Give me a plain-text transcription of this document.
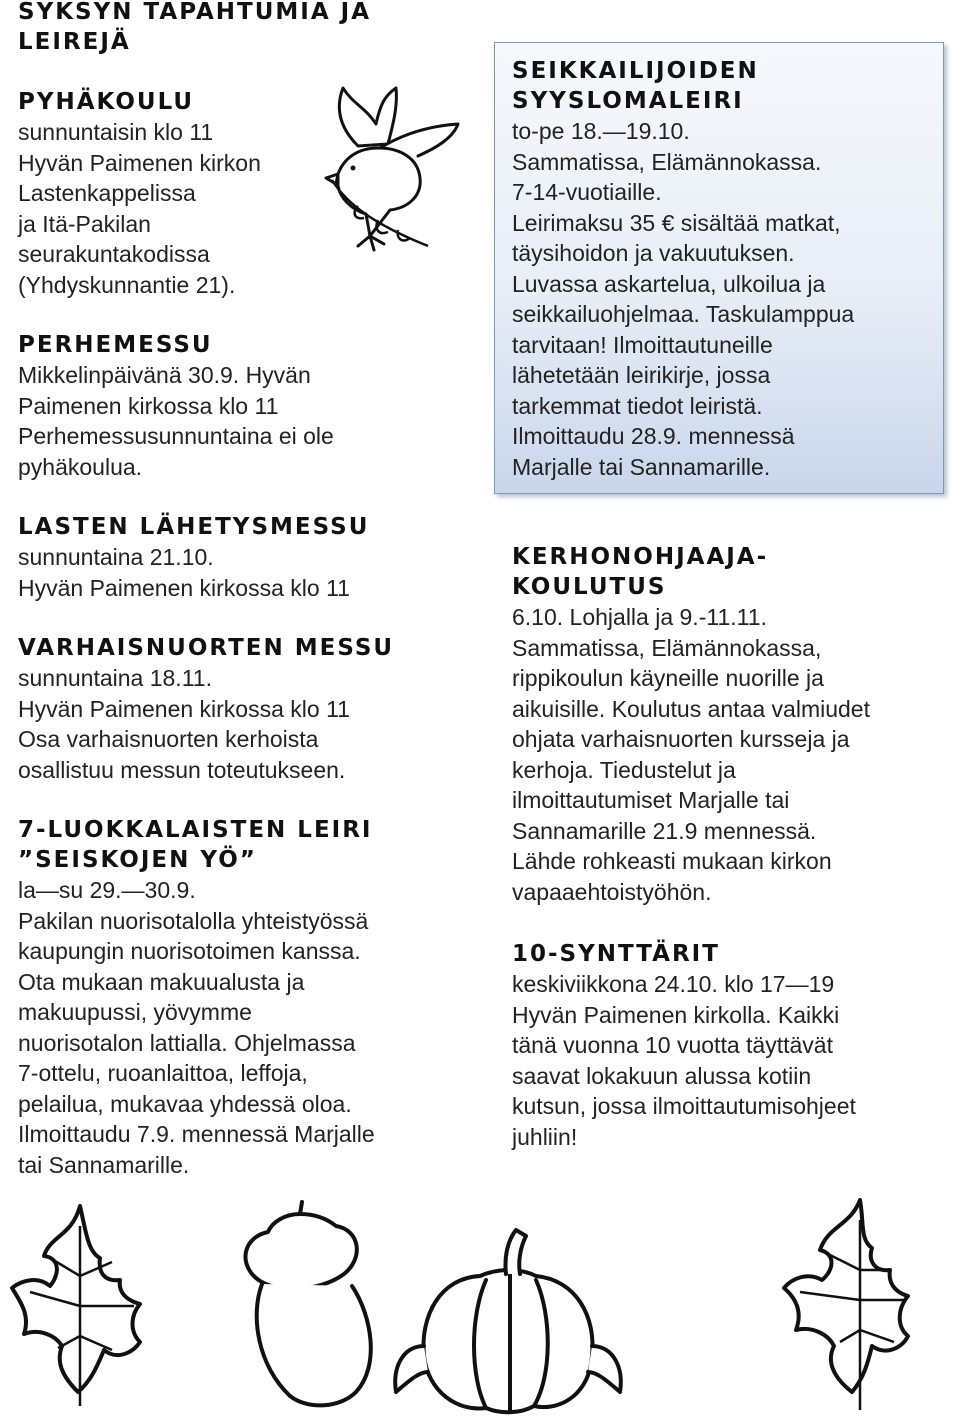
SYKSYN TAPAHTUMIA JA
LEIREJÄ
PYHÄKOULU
sunnuntaisin klo 11
Hyvän Paimenen kirkon
Lastenkappelissa
ja Itä-Pakilan
seurakuntakodissa
(Yhdyskunnantie 21).
PERHEMESSU
Mikkelinpäivänä 30.9. Hyvän
Paimenen kirkossa klo 11
Perhemessusunnuntaina ei ole
pyhäkoulua.
LASTEN LÄHETYSMESSU
sunnuntaina 21.10.
Hyvän Paimenen kirkossa klo 11
VARHAISNUORTEN MESSU
sunnuntaina 18.11.
Hyvän Paimenen kirkossa klo 11
Osa varhaisnuorten kerhoista
osallistuu messun toteutukseen.
7-LUOKKALAISTEN LEIRI
”SEISKOJEN YÖ”
la—su 29.—30.9.
Pakilan nuorisotalolla yhteistyössä
kaupungin nuorisotoimen kanssa.
Ota mukaan makuualusta ja
makuupussi, yövymme
nuorisotalon lattialla. Ohjelmassa
7-ottelu, ruoanlaittoa, leffoja,
pelailua, mukavaa yhdessä oloa.
Ilmoittaudu 7.9. mennessä Marjalle
tai Sannamarille.
SEIKKAILIJOIDEN
SYYSLOMALEIRI
to-pe 18.—19.10.
Sammatissa, Elämännokassa.
7-14-vuotiaille.
Leirimaksu 35 € sisältää matkat,
täysihoidon ja vakuutuksen.
Luvassa askartelua, ulkoilua ja
seikkailuohjelmaa. Taskulamppua
tarvitaan! Ilmoittautuneille
lähetetään leirikirje, jossa
tarkemmat tiedot leiristä.
Ilmoittaudu 28.9. mennessä
Marjalle tai Sannamarille.
KERHONOHJAAJA-
KOULUTUS
6.10. Lohjalla ja 9.-11.11.
Sammatissa, Elämännokassa,
rippikoulun käyneille nuorille ja
aikuisille. Koulutus antaa valmiudet
ohjata varhaisnuorten kursseja ja
kerhoja. Tiedustelut ja
ilmoittautumiset Marjalle tai
Sannamarille 21.9 mennessä.
Lähde rohkeasti mukaan kirkon
vapaaehtoistyöhön.
10-SYNTTÄRIT
keskiviikkona 24.10. klo 17—19
Hyvän Paimenen kirkolla. Kaikki
tänä vuonna 10 vuotta täyttävät
saavat lokakuun alussa kotiin
kutsun, jossa ilmoittautumisohjeet
juhliin!
